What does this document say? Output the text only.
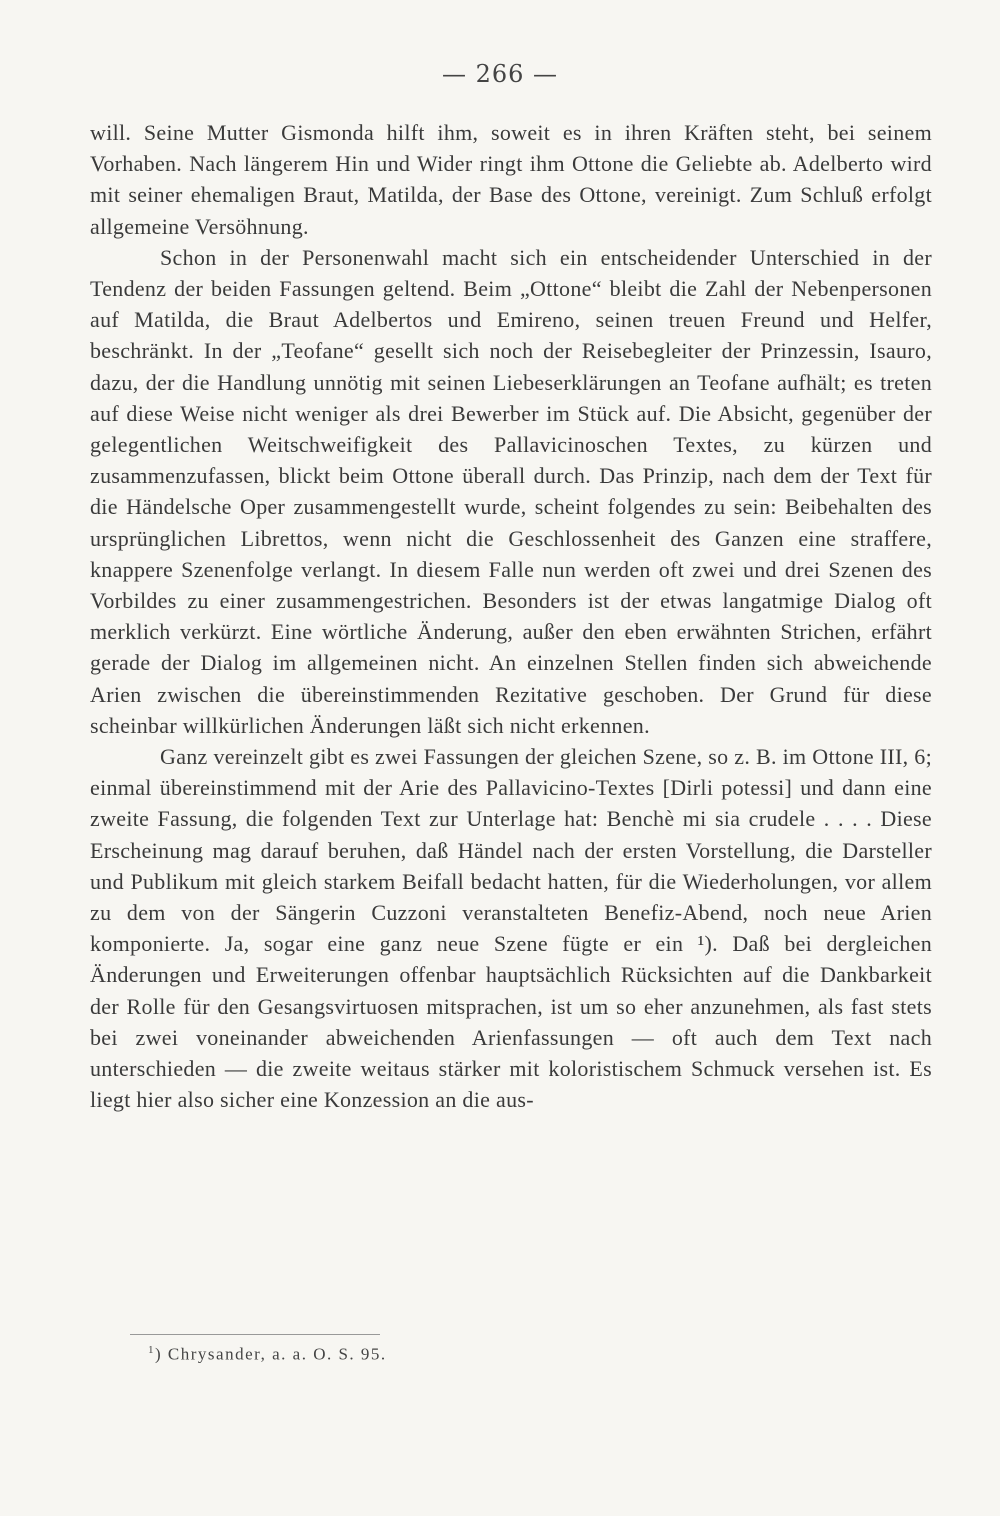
— 266 —

will. Seine Mutter Gismonda hilft ihm, soweit es in ihren Kräften steht, bei seinem Vorhaben. Nach längerem Hin und Wider ringt ihm Ottone die Geliebte ab. Adelberto wird mit seiner ehemaligen Braut, Matilda, der Base des Ottone, vereinigt. Zum Schluß erfolgt allgemeine Versöhnung.

Schon in der Personenwahl macht sich ein entscheidender Unterschied in der Tendenz der beiden Fassungen geltend. Beim „Ottone“ bleibt die Zahl der Nebenpersonen auf Matilda, die Braut Adelbertos und Emireno, seinen treuen Freund und Helfer, beschränkt. In der „Teofane“ gesellt sich noch der Reisebegleiter der Prinzessin, Isauro, dazu, der die Handlung unnötig mit seinen Liebeserklärungen an Teofane aufhält; es treten auf diese Weise nicht weniger als drei Bewerber im Stück auf. Die Absicht, gegenüber der gelegentlichen Weitschweifigkeit des Pallavicinoschen Textes, zu kürzen und zusammenzufassen, blickt beim Ottone überall durch. Das Prinzip, nach dem der Text für die Händelsche Oper zusammengestellt wurde, scheint folgendes zu sein: Beibehalten des ursprünglichen Librettos, wenn nicht die Geschlossenheit des Ganzen eine straffere, knappere Szenenfolge verlangt. In diesem Falle nun werden oft zwei und drei Szenen des Vorbildes zu einer zusammengestrichen. Besonders ist der etwas langatmige Dialog oft merklich verkürzt. Eine wörtliche Änderung, außer den eben erwähnten Strichen, erfährt gerade der Dialog im allgemeinen nicht. An einzelnen Stellen finden sich abweichende Arien zwischen die übereinstimmenden Rezitative geschoben. Der Grund für diese scheinbar willkürlichen Änderungen läßt sich nicht erkennen.

Ganz vereinzelt gibt es zwei Fassungen der gleichen Szene, so z. B. im Ottone III, 6; einmal übereinstimmend mit der Arie des Pallavicino-Textes [Dirli potessi] und dann eine zweite Fassung, die folgenden Text zur Unterlage hat: Benchè mi sia crudele . . . . Diese Erscheinung mag darauf beruhen, daß Händel nach der ersten Vorstellung, die Darsteller und Publikum mit gleich starkem Beifall bedacht hatten, für die Wiederholungen, vor allem zu dem von der Sängerin Cuzzoni veranstalteten Benefiz-Abend, noch neue Arien komponierte. Ja, sogar eine ganz neue Szene fügte er ein ¹). Daß bei dergleichen Änderungen und Erweiterungen offenbar hauptsächlich Rücksichten auf die Dankbarkeit der Rolle für den Gesangsvirtuosen mitsprachen, ist um so eher anzunehmen, als fast stets bei zwei voneinander abweichenden Arienfassungen — oft auch dem Text nach unterschieden — die zweite weitaus stärker mit koloristischem Schmuck versehen ist. Es liegt hier also sicher eine Konzession an die aus-

$^1$) Chrysander, a. a. O. S. 95.
